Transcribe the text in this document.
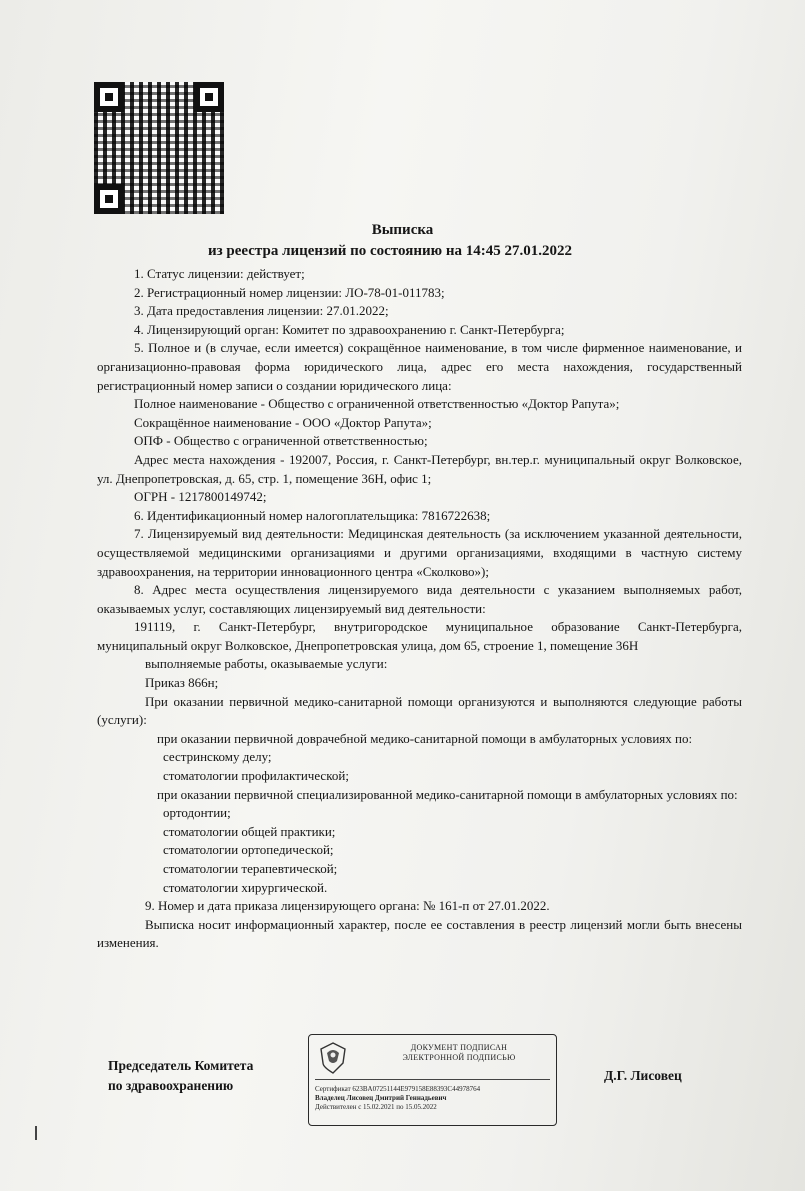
Выписка
из реестра лицензий по состоянию на 14:45 27.01.2022

1. Статус лицензии: действует;

2. Регистрационный номер лицензии: ЛО-78-01-011783;

3. Дата предоставления лицензии: 27.01.2022;

4. Лицензирующий орган: Комитет по здравоохранению г. Санкт-Петербурга;

5. Полное и (в случае, если имеется) сокращённое наименование, в том числе фирменное наименование, и организационно-правовая форма юридического лица, адрес его места нахождения, государственный регистрационный номер записи о создании юридического лица:

Полное наименование - Общество с ограниченной ответственностью «Доктор Рапута»;

Сокращённое наименование - ООО «Доктор Рапута»;

ОПФ - Общество с ограниченной ответственностью;

Адрес места нахождения - 192007, Россия, г. Санкт-Петербург, вн.тер.г. муниципальный округ Волковское, ул. Днепропетровская, д. 65, стр. 1, помещение 36Н, офис 1;

ОГРН - 1217800149742;

6. Идентификационный номер налогоплательщика: 7816722638;

7. Лицензируемый вид деятельности: Медицинская деятельность (за исключением указанной деятельности, осуществляемой медицинскими организациями и другими организациями, входящими в частную систему здравоохранения, на территории инновационного центра «Сколково»);

8. Адрес места осуществления лицензируемого вида деятельности с указанием выполняемых работ, оказываемых услуг, составляющих лицензируемый вид деятельности:

191119, г. Санкт-Петербург, внутригородское муниципальное образование Санкт-Петербурга, муниципальный округ Волковское, Днепропетровская улица, дом 65, строение 1, помещение 36Н

выполняемые работы, оказываемые услуги:

Приказ 866н;

При оказании первичной медико-санитарной помощи организуются и выполняются следующие работы (услуги):

при оказании первичной доврачебной медико-санитарной помощи в амбулаторных условиях по:

сестринскому делу;

стоматологии профилактической;

при оказании первичной специализированной медико-санитарной помощи в амбулаторных условиях по:

ортодонтии;

стоматологии общей практики;

стоматологии ортопедической;

стоматологии терапевтической;

стоматологии хирургической.

9. Номер и дата приказа лицензирующего органа: № 161-п от 27.01.2022.

Выписка носит информационный характер, после ее составления в реестр лицензий могли быть внесены изменения.

Председатель Комитета
по здравоохранению
ДОКУМЕНТ ПОДПИСАН
ЭЛЕКТРОННОЙ ПОДПИСЬЮ
Сертификат 623BA07251144E979158E88393C44978764
Владелец Лисовец Дмитрий Геннадьевич
Действителен с 15.02.2021 по 15.05.2022
Д.Г. Лисовец
